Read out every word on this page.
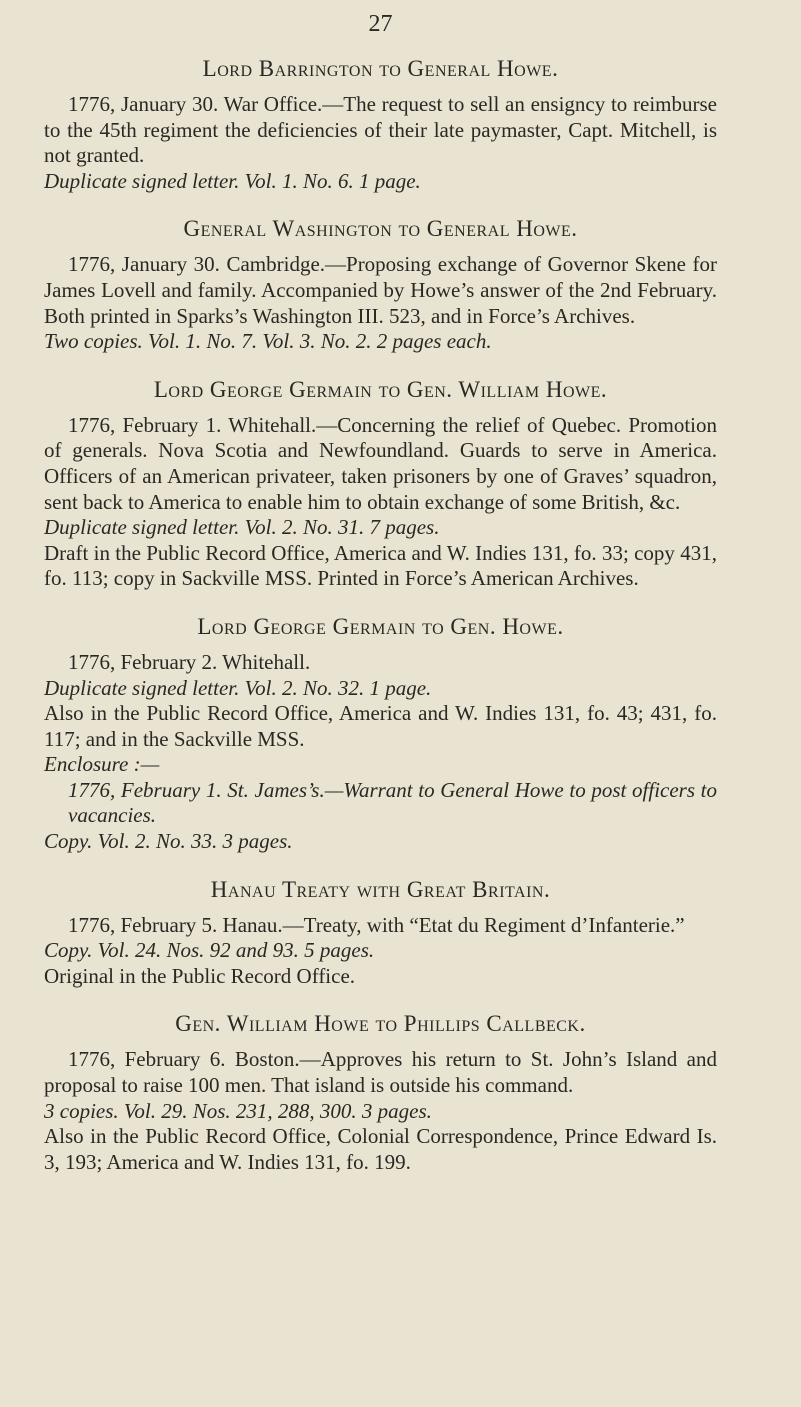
27
Lord Barrington to General Howe.
1776, January 30. War Office.—The request to sell an ensigncy to reimburse to the 45th regiment the deficiencies of their late paymaster, Capt. Mitchell, is not granted.
Duplicate signed letter. Vol. 1. No. 6. 1 page.
General Washington to General Howe.
1776, January 30. Cambridge.—Proposing exchange of Governor Skene for James Lovell and family. Accompanied by Howe’s answer of the 2nd February. Both printed in Sparks’s Washington III. 523, and in Force’s Archives.
Two copies. Vol. 1. No. 7. Vol. 3. No. 2. 2 pages each.
Lord George Germain to Gen. William Howe.
1776, February 1. Whitehall.—Concerning the relief of Quebec. Promotion of generals. Nova Scotia and Newfoundland. Guards to serve in America. Officers of an American privateer, taken prisoners by one of Graves’ squadron, sent back to America to enable him to obtain exchange of some British, &c.
Duplicate signed letter. Vol. 2. No. 31. 7 pages.
Draft in the Public Record Office, America and W. Indies 131, fo. 33; copy 431, fo. 113; copy in Sackville MSS. Printed in Force’s American Archives.
Lord George Germain to Gen. Howe.
1776, February 2. Whitehall.
Duplicate signed letter. Vol. 2. No. 32. 1 page.
Also in the Public Record Office, America and W. Indies 131, fo. 43; 431, fo. 117; and in the Sackville MSS.
Enclosure :—
1776, February 1. St. James’s.—Warrant to General Howe to post officers to vacancies.
Copy. Vol. 2. No. 33. 3 pages.
Hanau Treaty with Great Britain.
1776, February 5. Hanau.—Treaty, with “Etat du Regiment d’Infanterie.”
Copy. Vol. 24. Nos. 92 and 93. 5 pages.
Original in the Public Record Office.
Gen. William Howe to Phillips Callbeck.
1776, February 6. Boston.—Approves his return to St. John’s Island and proposal to raise 100 men. That island is outside his command.
3 copies. Vol. 29. Nos. 231, 288, 300. 3 pages.
Also in the Public Record Office, Colonial Correspondence, Prince Edward Is. 3, 193; America and W. Indies 131, fo. 199.
